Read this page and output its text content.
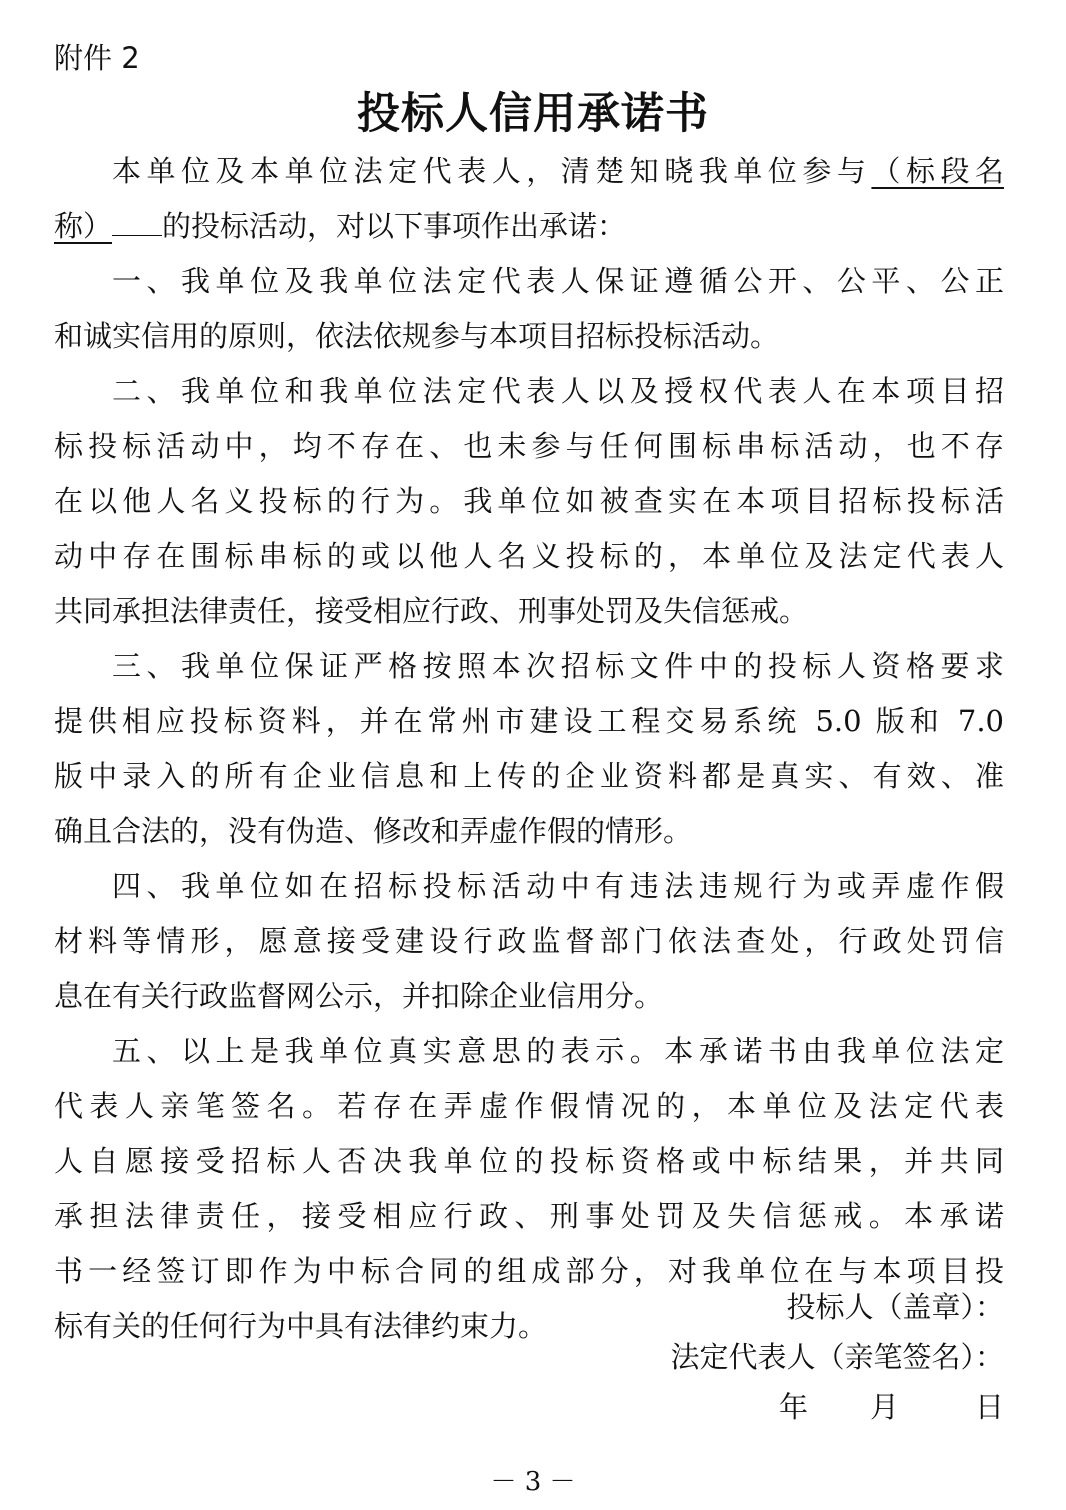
附件 2
投标人信用承诺书
本单位及本单位法定代表人，清楚知晓我单位参与（标段名
称） 的投标活动，对以下事项作出承诺：
一、我单位及我单位法定代表人保证遵循公开、公平、公正
和诚实信用的原则，依法依规参与本项目招标投标活动。
二、我单位和我单位法定代表人以及授权代表人在本项目招
标投标活动中，均不存在、也未参与任何围标串标活动，也不存
在以他人名义投标的行为。我单位如被查实在本项目招标投标活
动中存在围标串标的或以他人名义投标的，本单位及法定代表人
共同承担法律责任，接受相应行政、刑事处罚及失信惩戒。
三、我单位保证严格按照本次招标文件中的投标人资格要求
提供相应投标资料，并在常州市建设工程交易系统 5.0 版和 7.0
版中录入的所有企业信息和上传的企业资料都是真实、有效、准
确且合法的，没有伪造、修改和弄虚作假的情形。
四、我单位如在招标投标活动中有违法违规行为或弄虚作假
材料等情形，愿意接受建设行政监督部门依法查处，行政处罚信
息在有关行政监督网公示，并扣除企业信用分。
五、以上是我单位真实意思的表示。本承诺书由我单位法定
代表人亲笔签名。若存在弄虚作假情况的，本单位及法定代表
人自愿接受招标人否决我单位的投标资格或中标结果，并共同
承担法律责任，接受相应行政、刑事处罚及失信惩戒。本承诺
书一经签订即作为中标合同的组成部分，对我单位在与本项目投
标有关的任何行为中具有法律约束力。
投标人（盖章）：
法定代表人（亲笔签名）：
年 月	日
－ 3 －
